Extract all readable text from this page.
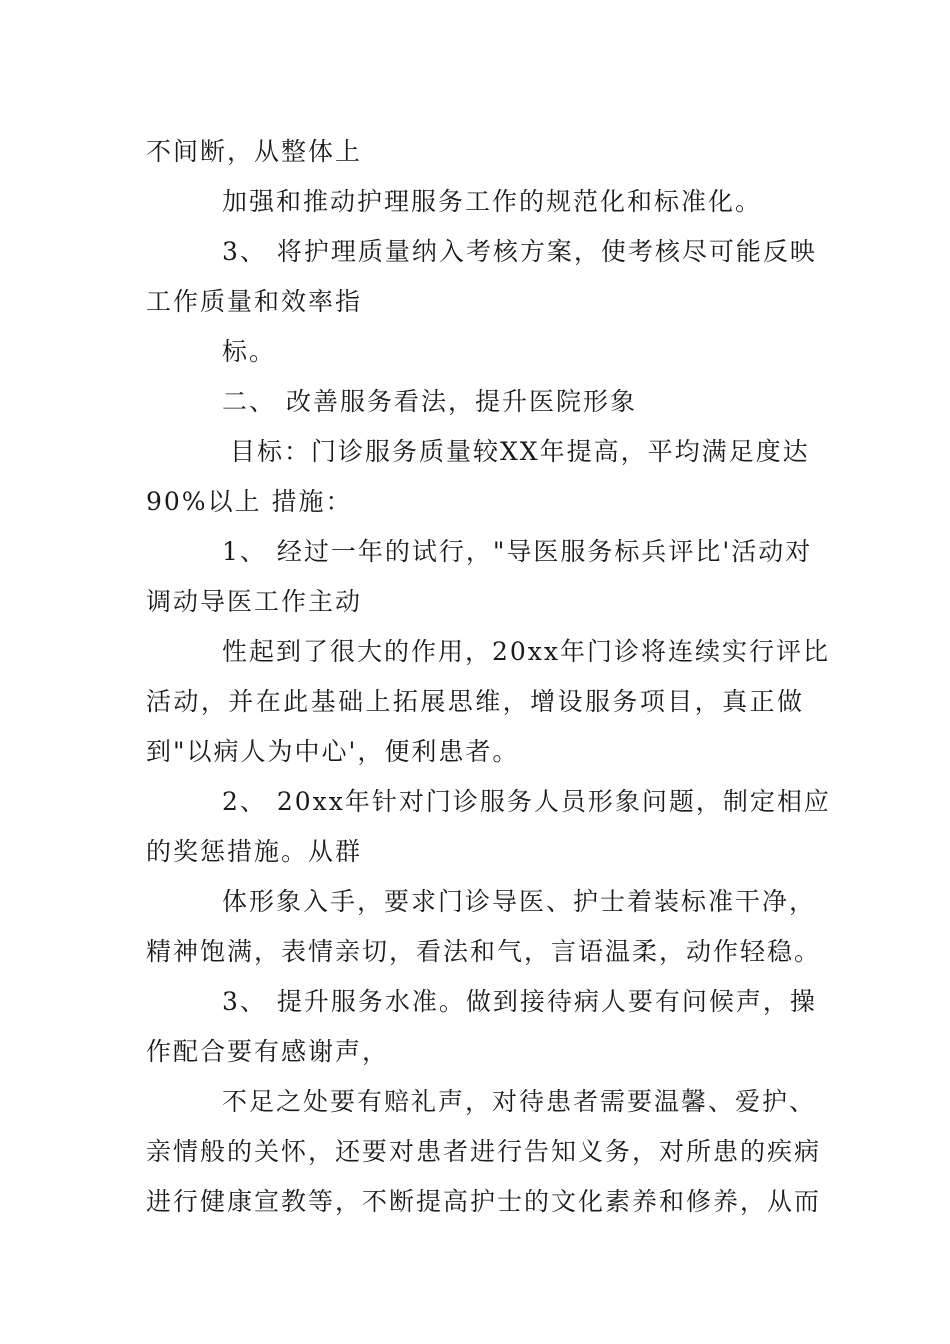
不间断，从整体上
加强和推动护理服务工作的规范化和标准化。
3、 将护理质量纳入考核方案，使考核尽可能反映
工作质量和效率指
标。
二、 改善服务看法，提升医院形象
目标：门诊服务质量较XX年提高，平均满足度达
90%以上 措施：
1、 经过一年的试行，"导医服务标兵评比'活动对
调动导医工作主动
性起到了很大的作用，20xx年门诊将连续实行评比
活动，并在此基础上拓展思维，增设服务项目，真正做
到"以病人为中心'，便利患者。
2、 20xx年针对门诊服务人员形象问题，制定相应
的奖惩措施。从群
体形象入手，要求门诊导医、护士着装标准干净，
精神饱满，表情亲切，看法和气，言语温柔，动作轻稳。
3、 提升服务水准。做到接待病人要有问候声，操
作配合要有感谢声，
不足之处要有赔礼声，对待患者需要温馨、爱护、
亲情般的关怀，还要对患者进行告知义务，对所患的疾病
进行健康宣教等，不断提高护士的文化素养和修养，从而
